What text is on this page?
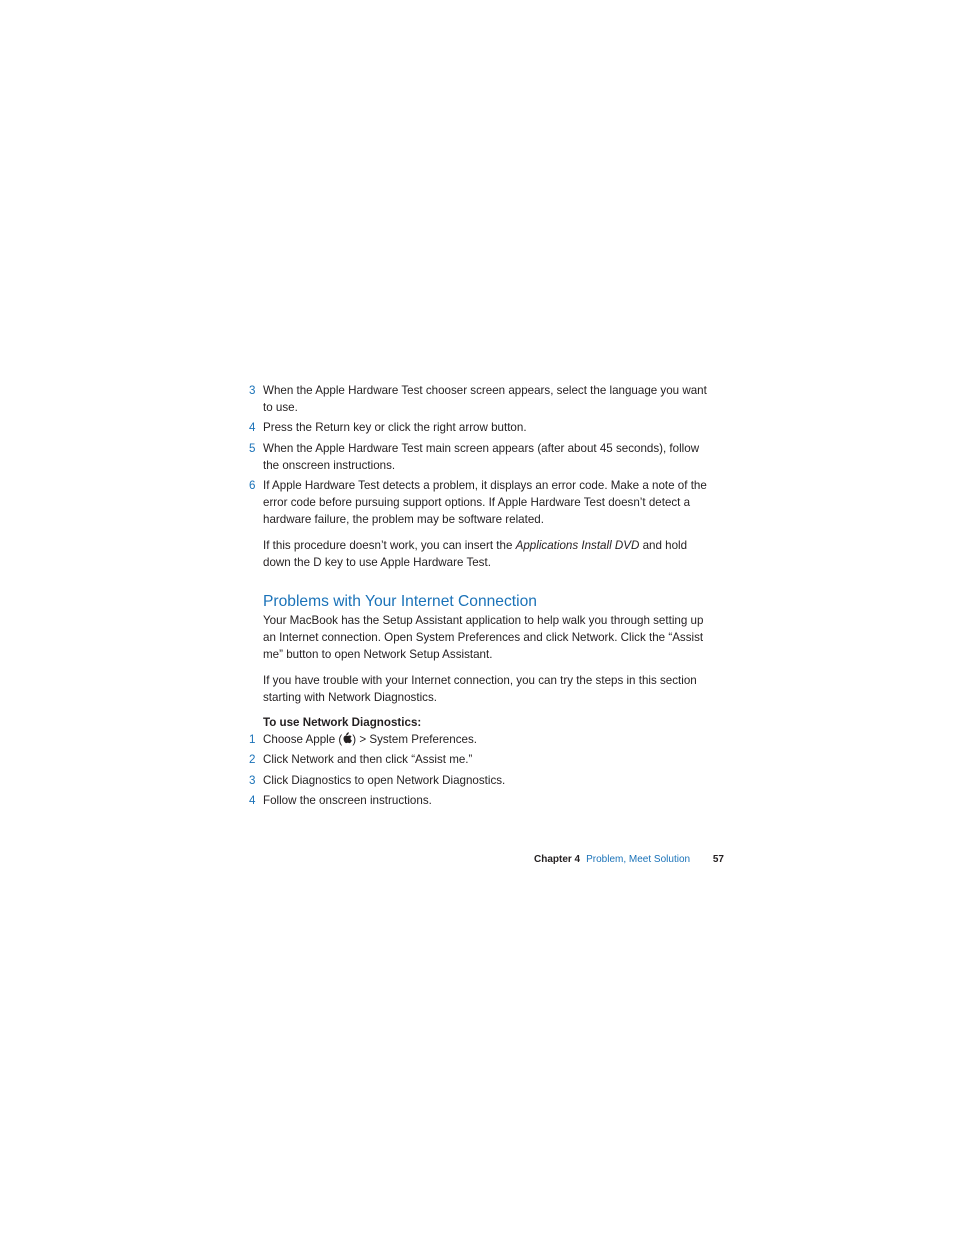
3 When the Apple Hardware Test chooser screen appears, select the language you want to use.
4 Press the Return key or click the right arrow button.
5 When the Apple Hardware Test main screen appears (after about 45 seconds), follow the onscreen instructions.
6 If Apple Hardware Test detects a problem, it displays an error code. Make a note of the error code before pursuing support options. If Apple Hardware Test doesn’t detect a hardware failure, the problem may be software related.

If this procedure doesn’t work, you can insert the Applications Install DVD and hold down the D key to use Apple Hardware Test.

Problems with Your Internet Connection

Your MacBook has the Setup Assistant application to help walk you through setting up an Internet connection. Open System Preferences and click Network. Click the “Assist me” button to open Network Setup Assistant.

If you have trouble with your Internet connection, you can try the steps in this section starting with Network Diagnostics.

To use Network Diagnostics:

1 Choose Apple ( ) > System Preferences.
2 Click Network and then click “Assist me.”
3 Click Diagnostics to open Network Diagnostics.
4 Follow the onscreen instructions.
Chapter 4 Problem, Meet Solution 57
